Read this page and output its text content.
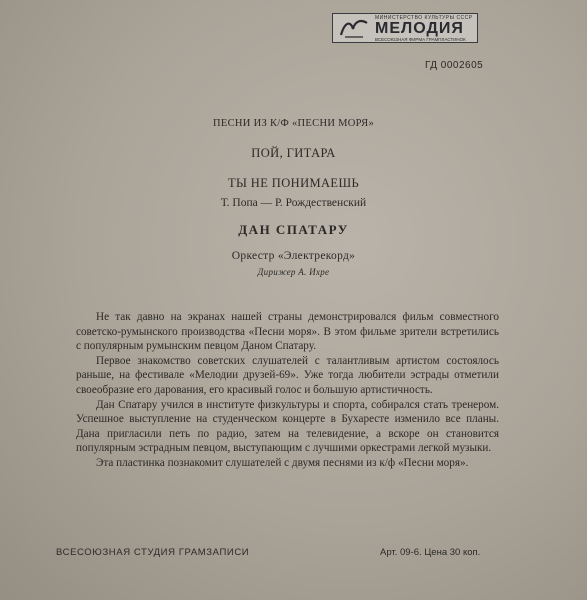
МИНИСТЕРСТВО КУЛЬТУРЫ СССР
МЕЛОДИЯ
ВСЕСОЮЗНАЯ ФИРМА ГРАМПЛАСТИНОК
ГД 0002605
ПЕСНИ ИЗ К/Ф «ПЕСНИ МОРЯ»
ПОЙ, ГИТАРА
ТЫ НЕ ПОНИМАЕШЬ
Т. Попа — Р. Рождественский
ДАН СПАТАРУ
Оркестр «Электрекорд»
Дирижер А. Ихре

Не так давно на экранах нашей страны демонстрировался фильм совместного советско-румынского производства «Песни моря». В этом фильме зрители встретились с популярным румынским певцом Даном Спатару.

Первое знакомство советских слушателей с талантливым артистом состоялось раньше, на фестивале «Мелодии друзей-69». Уже тогда любители эстрады отметили своеобразие его дарования, его красивый голос и большую артистичность.

Дан Спатару учился в институте физкультуры и спорта, собирался стать тренером. Успешное выступление на студенческом концерте в Бухаресте изменило все планы. Дана пригласили петь по радио, затем на телевидение, а вскоре он становится популярным эстрадным певцом, выступающим с лучшими оркестрами легкой музыки.

Эта пластинка познакомит слушателей с двумя песнями из к/ф «Песни моря».

ВСЕСОЮЗНАЯ СТУДИЯ ГРАМЗАПИСИ	Арт. 09-6. Цена 30 коп.
